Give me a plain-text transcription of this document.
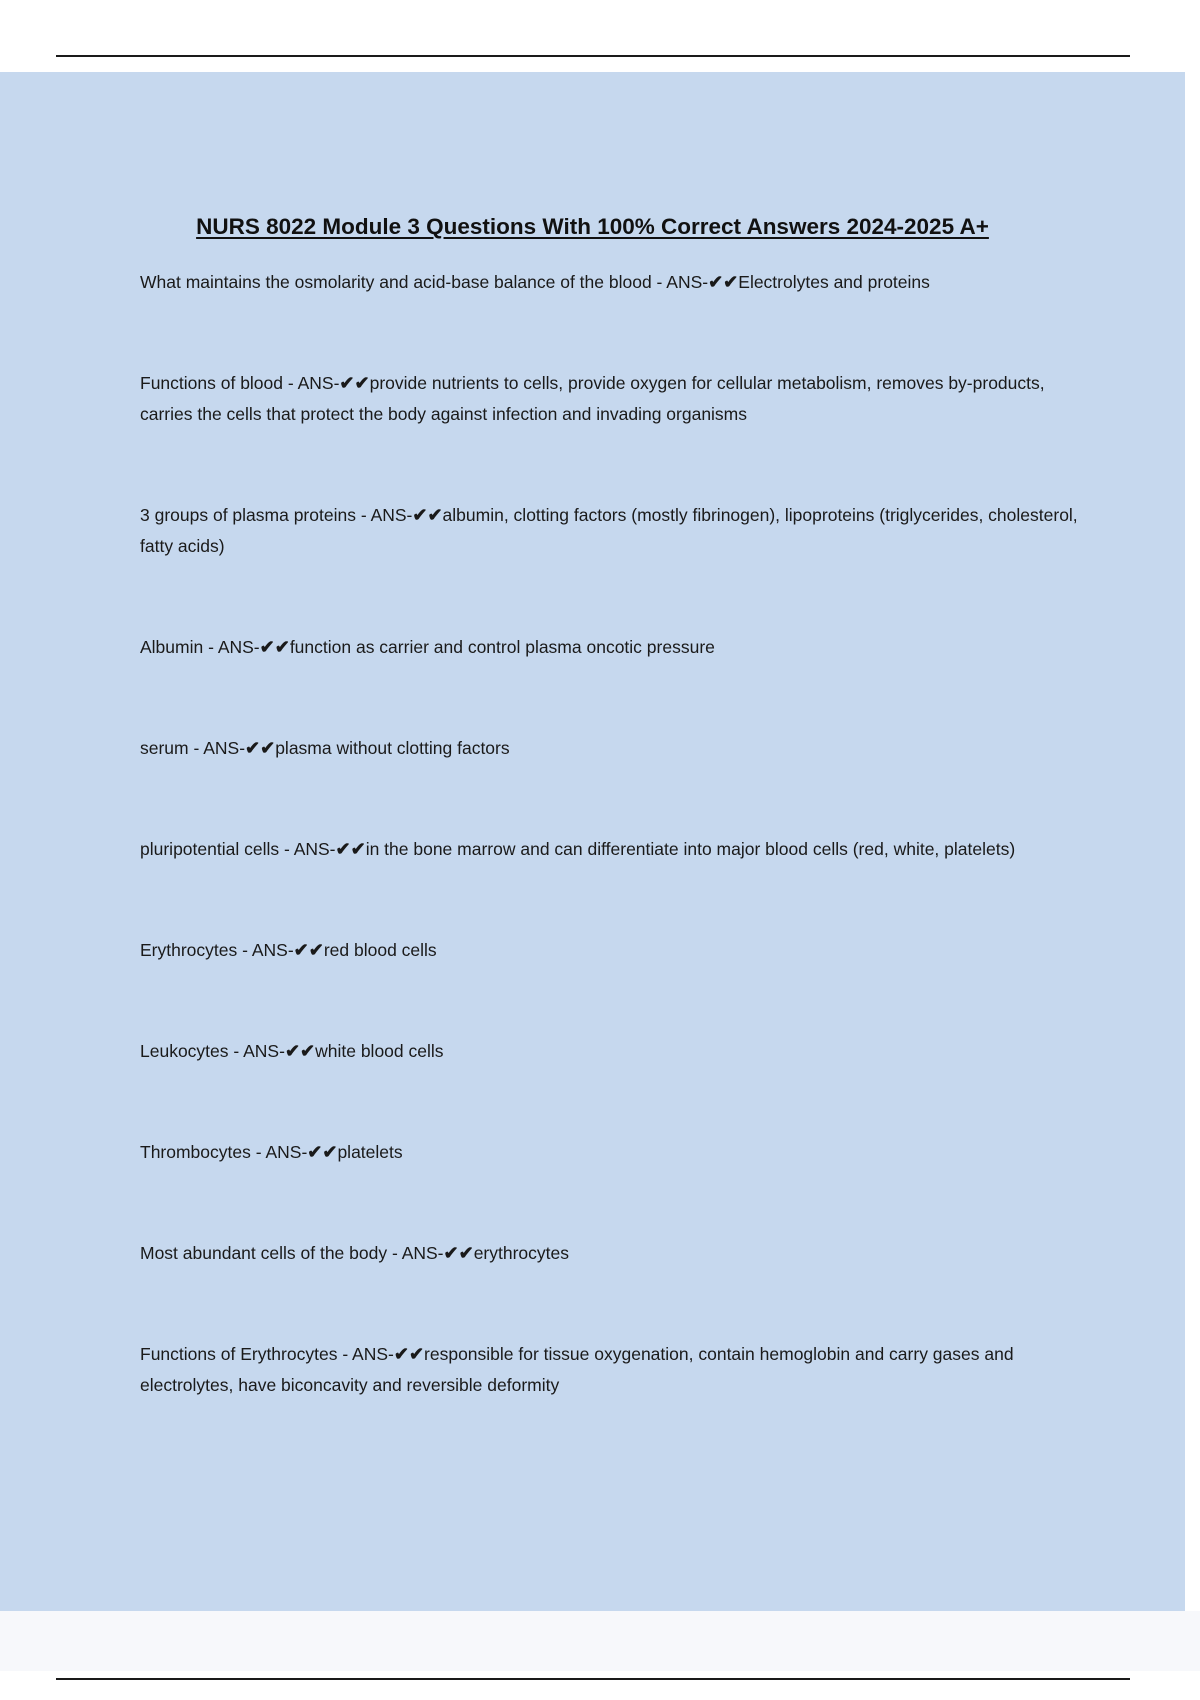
NURS 8022 Module 3 Questions With 100% Correct Answers 2024-2025 A+
What maintains the osmolarity and acid-base balance of the blood - ANS-✔✔Electrolytes and proteins
Functions of blood - ANS-✔✔provide nutrients to cells, provide oxygen for cellular metabolism, removes by-products, carries the cells that protect the body against infection and invading organisms
3 groups of plasma proteins - ANS-✔✔albumin, clotting factors (mostly fibrinogen), lipoproteins (triglycerides, cholesterol, fatty acids)
Albumin - ANS-✔✔function as carrier and control plasma oncotic pressure
serum - ANS-✔✔plasma without clotting factors
pluripotential cells - ANS-✔✔in the bone marrow and can differentiate into major blood cells (red, white, platelets)
Erythrocytes - ANS-✔✔red blood cells
Leukocytes - ANS-✔✔white blood cells
Thrombocytes - ANS-✔✔platelets
Most abundant cells of the body - ANS-✔✔erythrocytes
Functions of Erythrocytes - ANS-✔✔responsible for tissue oxygenation, contain hemoglobin and carry gases and electrolytes, have biconcavity and reversible deformity
